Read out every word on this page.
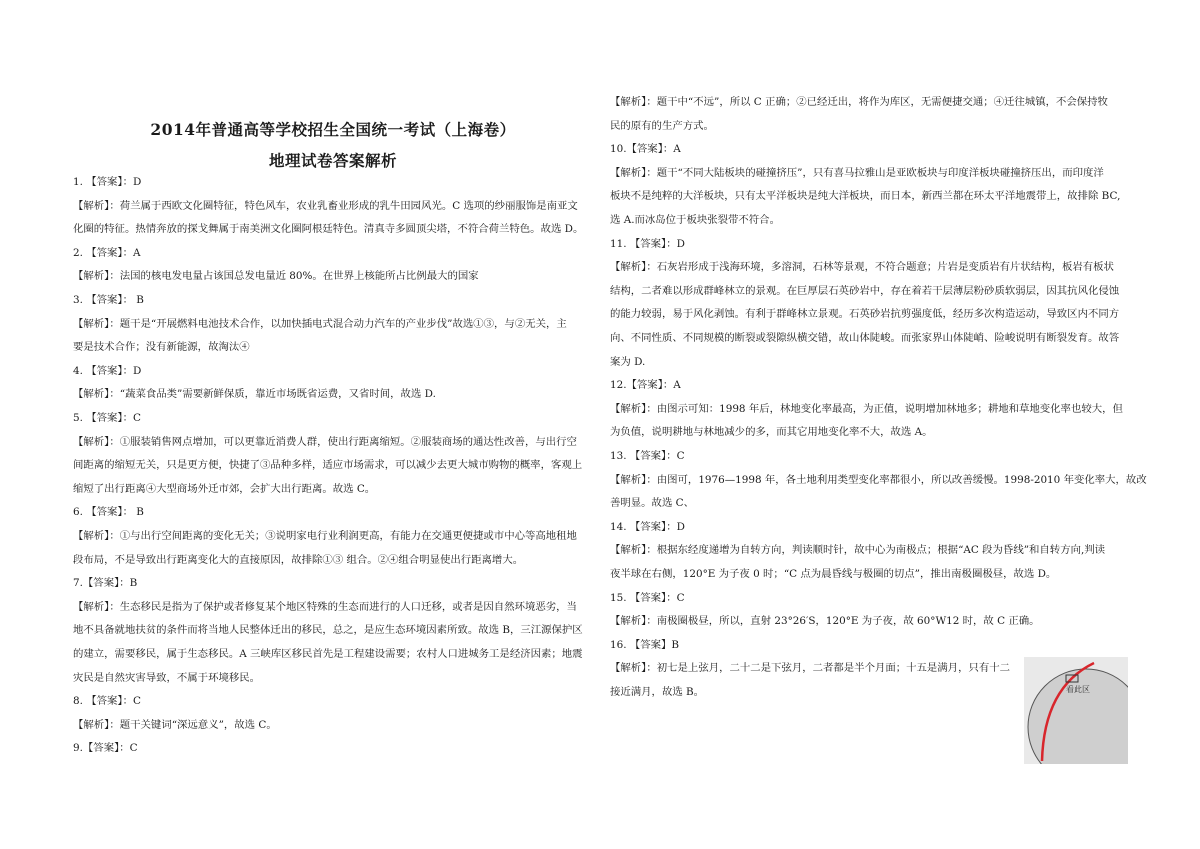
2014年普通高等学校招生全国统一考试（上海卷）
地理试卷答案解析
1. 【答案】：D
【解析】：荷兰属于西欧文化圈特征，特色风车，农业乳畜业形成的乳牛田园风光。C 选项的纱丽服饰是南亚文
化圈的特征。热情奔放的探戈舞属于南美洲文化圈阿根廷特色。清真寺多圆顶尖塔，不符合荷兰特色。故选 D。
2. 【答案】：A
【解析】：法国的核电发电量占该国总发电量近 80%。在世界上核能所占比例最大的国家
3. 【答案】： B
【解析】：题干是“开展燃料电池技术合作，以加快插电式混合动力汽车的产业步伐”故选①③，与②无关，主
要是技术合作；没有新能源，故淘汰④
4. 【答案】：D
【解析】：“蔬菜食品类”需要新鲜保质，靠近市场既省运费，又省时间，故选 D.
5. 【答案】：C
【解析】：①服装销售网点增加，可以更靠近消费人群，使出行距离缩短。②服装商场的通达性改善，与出行空
间距离的缩短无关，只是更方便，快捷了③品种多样，适应市场需求，可以减少去更大城市购物的概率，客观上
缩短了出行距离④大型商场外迁市郊，会扩大出行距离。故选 C。
6. 【答案】： B
【解析】：①与出行空间距离的变化无关；③说明家电行业利润更高，有能力在交通更便捷或市中心等高地租地
段布局，不是导致出行距离变化大的直接原因，故排除①③ 组合。②④组合明显使出行距离增大。
7.【答案】：B
【解析】：生态移民是指为了保护或者修复某个地区特殊的生态而进行的人口迁移，或者是因自然环境恶劣，当
地不具备就地扶贫的条件而将当地人民整体迁出的移民，总之，是应生态环境因素所致。故选 B，三江源保护区
的建立，需要移民，属于生态移民。A 三峡库区移民首先是工程建设需要；农村人口进城务工是经济因素；地震
灾民是自然灾害导致，不属于环境移民。
8. 【答案】：C
【解析】：题干关键词“深远意义”，故选 C。
9.【答案】：C
【解析】：题干中“不远”，所以 C 正确；②已经迁出，将作为库区，无需便捷交通；④迁往城镇，不会保持牧
民的原有的生产方式。
10.【答案】：A
【解析】：题干“不同大陆板块的碰撞挤压”，只有喜马拉雅山是亚欧板块与印度洋板块碰撞挤压出，而印度洋
板块不是纯粹的大洋板块，只有太平洋板块是纯大洋板块，而日本，新西兰都在环太平洋地震带上，故排除 BC,
选 A.而冰岛位于板块张裂带不符合。
11. 【答案】：D
【解析】：石灰岩形成于浅海环境，多溶洞，石林等景观，不符合题意；片岩是变质岩有片状结构，板岩有板状
结构，二者难以形成群峰林立的景观。在巨厚层石英砂岩中，存在着若干层薄层粉砂质软弱层，因其抗风化侵蚀
的能力较弱，易于风化剥蚀。有利于群峰林立景观。石英砂岩抗剪强度低，经历多次构造运动，导致区内不同方
向、不同性质、不同规模的断裂或裂隙纵横交错，故山体陡峻。而张家界山体陡峭、险峻说明有断裂发育。故答
案为 D.
12.【答案】：A
【解析】：由图示可知：1998 年后，林地变化率最高，为正值，说明增加林地多；耕地和草地变化率也较大，但
为负值，说明耕地与林地减少的多，而其它用地变化率不大，故选 A。
13. 【答案】：C
【解析】：由图可，1976—1998 年，各土地利用类型变化率都很小，所以改善缓慢。1998-2010 年变化率大，故改
善明显。故选 C、
14. 【答案】：D
【解析】：根据东经度递增为自转方向，判读顺时针，故中心为南极点；根据“AC 段为昏线”和自转方向,判读
夜半球在右侧，120°E 为子夜 0 时；“C 点为晨昏线与极圈的切点”，推出南极圈极昼，故选 D。
15. 【答案】：C
【解析】：南极圈极昼，所以，直射 23°26′S，120°E 为子夜，故 60°W12 时，故 C 正确。
16. 【答案】B
【解析】：初七是上弦月，二十二是下弦月，二者都是半个月面；十五是满月，只有十二
接近满月，故选 B。	看此区
